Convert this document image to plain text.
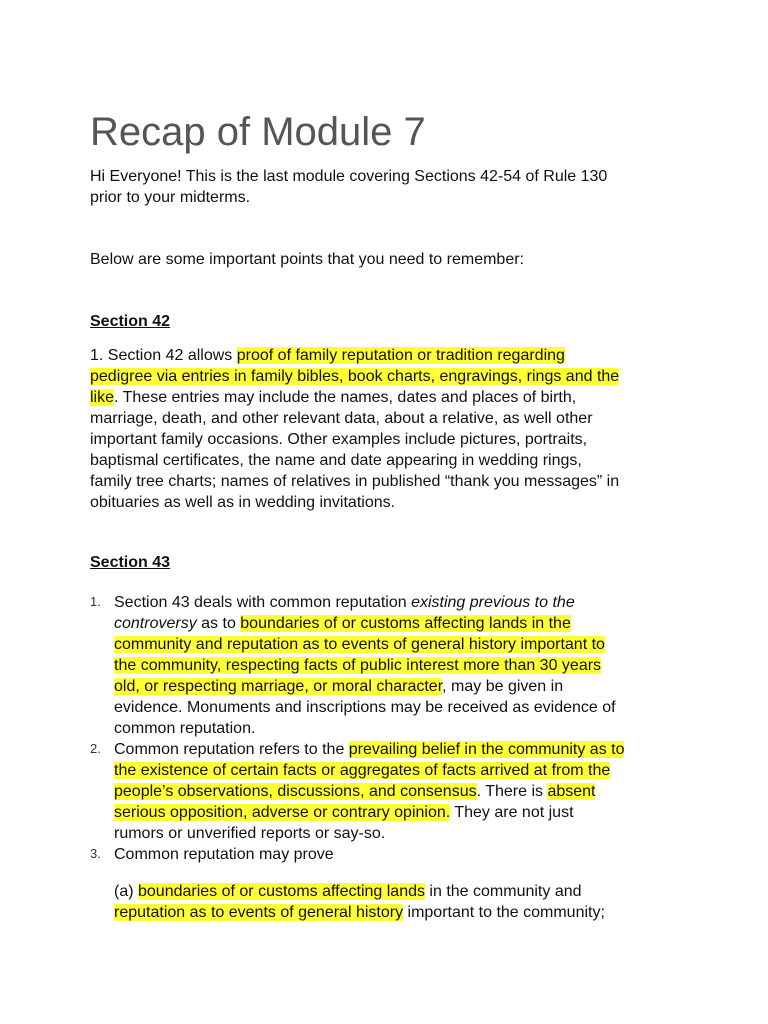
Recap of Module 7

Hi Everyone! This is the last module covering Sections 42-54 of Rule 130

prior to your midterms.

Below are some important points that you need to remember:

Section 42

1. Section 42 allows proof of family reputation or tradition regarding

pedigree via entries in family bibles, book charts, engravings, rings and the

like. These entries may include the names, dates and places of birth,

marriage, death, and other relevant data, about a relative, as well other

important family occasions. Other examples include pictures, portraits,

baptismal certificates, the name and date appearing in wedding rings,

family tree charts; names of relatives in published “thank you messages” in

obituaries as well as in wedding invitations.

Section 43

1. Section 43 deals with common reputation existing previous to the

controversy as to boundaries of or customs affecting lands in the

community and reputation as to events of general history important to

the community, respecting facts of public interest more than 30 years

old, or respecting marriage, or moral character, may be given in

evidence. Monuments and inscriptions may be received as evidence of

common reputation.

2. Common reputation refers to the prevailing belief in the community as to

the existence of certain facts or aggregates of facts arrived at from the

people’s observations, discussions, and consensus. There is absent

serious opposition, adverse or contrary opinion. They are not just

rumors or unverified reports or say-so.

3. Common reputation may prove

(a) boundaries of or customs affecting lands in the community and

reputation as to events of general history important to the community;
